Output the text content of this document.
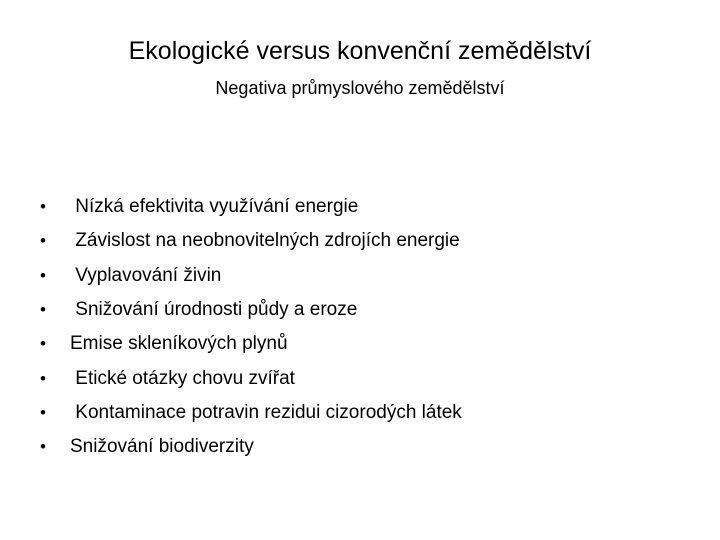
Ekologické versus konvenční zemědělství
Negativa průmyslového zemědělství
•	Nízká efektivita využívání energie
•	Závislost na neobnovitelných zdrojích energie
•	Vyplavování živin
•	Snižování úrodnosti půdy a eroze
•	Emise skleníkových plynů
•	Etické otázky chovu zvířat
•	Kontaminace potravin rezidui cizorodých látek
•	Snižování biodiverzity
